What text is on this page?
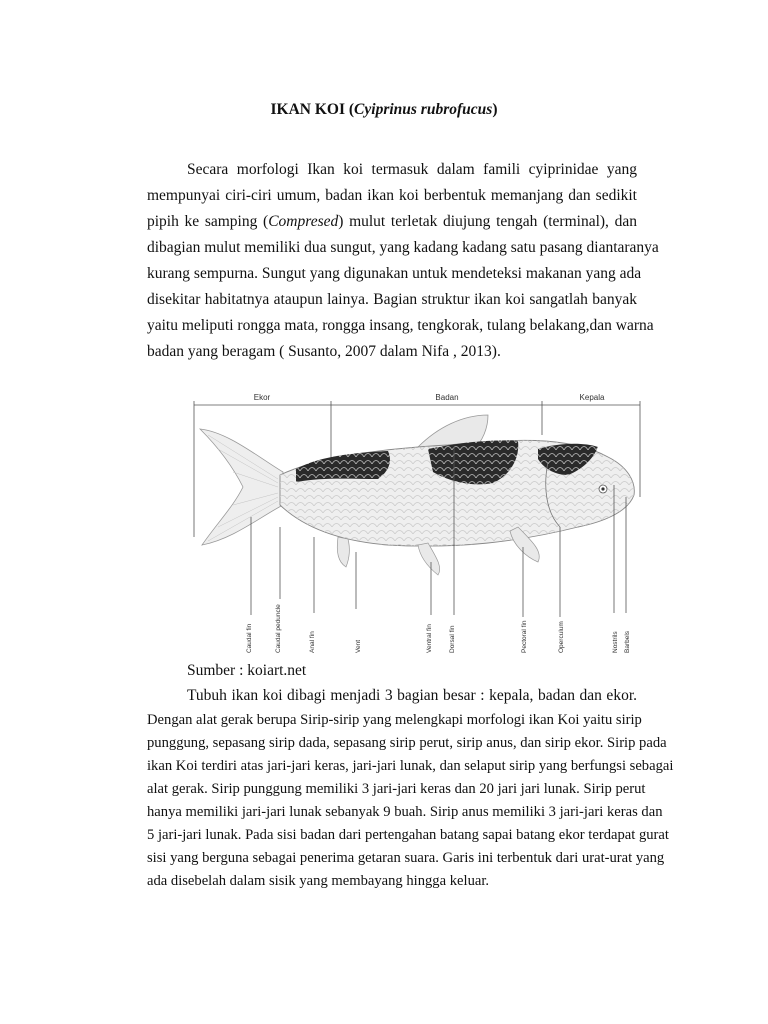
IKAN KOI (Cyiprinus rubrofucus)
Secara morfologi Ikan koi termasuk dalam famili cyiprinidae yang
mempunyai ciri-ciri umum, badan ikan koi berbentuk memanjang dan sedikit
pipih ke samping (Compresed) mulut terletak diujung tengah (terminal), dan
dibagian mulut memiliki dua sungut, yang kadang kadang satu pasang diantaranya
kurang sempurna. Sungut yang digunakan untuk mendeteksi makanan yang ada
disekitar habitatnya ataupun lainya. Bagian struktur ikan koi sangatlah banyak
yaitu meliputi rongga mata, rongga insang, tengkorak, tulang belakang,dan warna
badan yang beragam ( Susanto, 2007 dalam Nifa , 2013).
Ekor	Badan	Kepala
Caudal fin	Caudal peduncle	Anal fin	Vent	Ventral fin Dorsal fin	Pectoral fin	Operculum	Nostrils Barbels
Sumber : koiart.net
Tubuh ikan koi dibagi menjadi 3 bagian besar : kepala, badan dan ekor.
Dengan alat gerak berupa Sirip-sirip yang melengkapi morfologi ikan Koi yaitu sirip
punggung, sepasang sirip dada, sepasang sirip perut, sirip anus, dan sirip ekor. Sirip pada
ikan Koi terdiri atas jari-jari keras, jari-jari lunak, dan selaput sirip yang berfungsi sebagai
alat gerak. Sirip punggung memiliki 3 jari-jari keras dan 20 jari jari lunak. Sirip perut
hanya memiliki jari-jari lunak sebanyak 9 buah. Sirip anus memiliki 3 jari-jari keras dan
5 jari-jari lunak. Pada sisi badan dari pertengahan batang sapai batang ekor terdapat gurat
sisi yang berguna sebagai penerima getaran suara. Garis ini terbentuk dari urat-urat yang
ada disebelah dalam sisik yang membayang hingga keluar.
